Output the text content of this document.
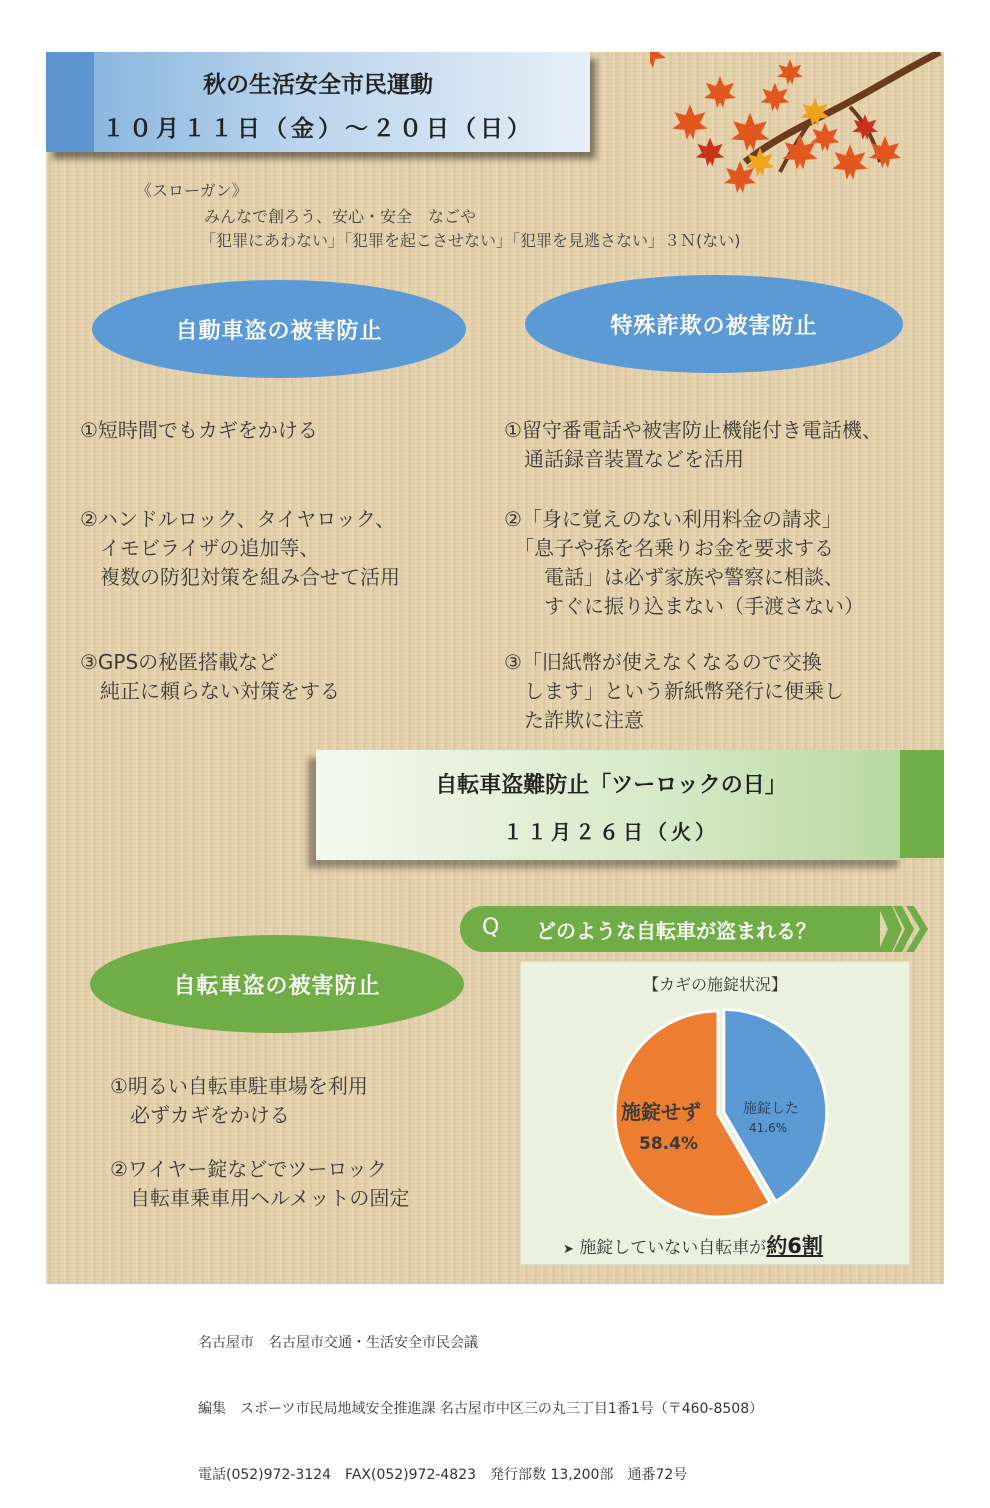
秋の生活安全市民運動
１０月１１日（金）～２０日（日）
《スローガン》
みんなで創ろう、安心・安全　なごや
「犯罪にあわない」「犯罪を起こさせない」「犯罪を見逃さない」３Ｎ(ない)
自動車盗の被害防止	特殊詐欺の被害防止
①短時間でもカギをかける
②ハンドルロック、タイヤロック、
　イモビライザの追加等、
　複数の防犯対策を組み合せて活用
③GPSの秘匿搭載など
　純正に頼らない対策をする
①留守番電話や被害防止機能付き電話機、
　通話録音装置などを活用
②「身に覚えのない利用料金の請求」
　「息子や孫を名乗りお金を要求する
　　電話」は必ず家族や警察に相談、
　　すぐに振り込まない（手渡さない）
③「旧紙幣が使えなくなるので交換
　します」という新紙幣発行に便乗し
　た詐欺に注意
自転車盗難防止「ツーロックの日」
１１月２６日（火）
Q どのような自転車が盗まれる？
自転車盗の被害防止
①明るい自転車駐車場を利用
　必ずカギをかける
②ワイヤー錠などでツーロック
　自転車乗車用ヘルメットの固定
【カギの施錠状況】
施錠せず
58.4%
施錠した
41.6%
➤ 施錠していない自転車が約6割

名古屋市　名古屋市交通・生活安全市民会議

編集　スポーツ市民局地域安全推進課 名古屋市中区三の丸三丁目1番1号（〒460-8508）

電話(052)972-3124　FAX(052)972-4823　発行部数 13,200部　通番72号
